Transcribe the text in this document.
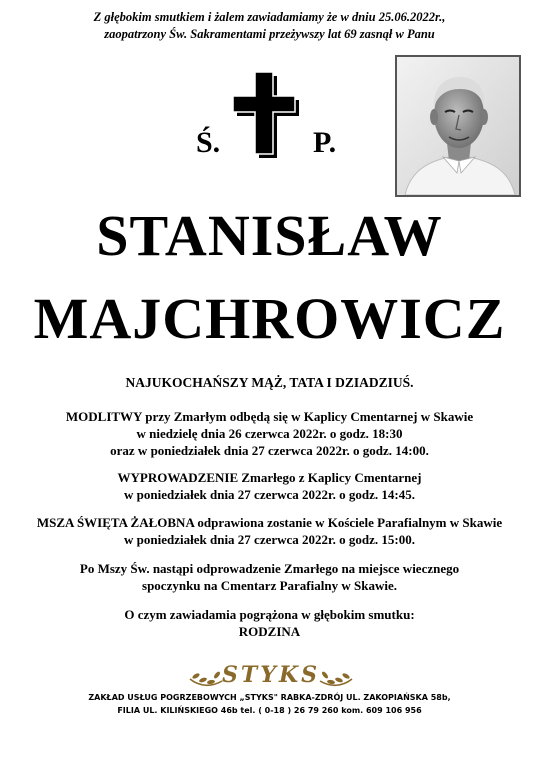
Z głębokim smutkiem i żalem zawiadamiamy że w dniu 25.06.2022r.,
zaopatrzony Św. Sakramentami przeżywszy lat 69 zasnął w Panu
Ś.	P.
STANISŁAW
MAJCHROWICZ
NAJUKOCHAŃSZY MĄŻ, TATA I DZIADZIUŚ.
MODLITWY przy Zmarłym odbędą się w Kaplicy Cmentarnej w Skawie
w niedzielę dnia 26 czerwca 2022r. o godz. 18:30
oraz w poniedziałek dnia 27 czerwca 2022r. o godz. 14:00.
WYPROWADZENIE Zmarłego z Kaplicy Cmentarnej
w poniedziałek dnia 27 czerwca 2022r. o godz. 14:45.
MSZA ŚWIĘTA ŻAŁOBNA odprawiona zostanie w Kościele Parafialnym w Skawie
w poniedziałek dnia 27 czerwca 2022r. o godz. 15:00.
Po Mszy Św. nastąpi odprowadzenie Zmarłego na miejsce wiecznego
spoczynku na Cmentarz Parafialny w Skawie.
O czym zawiadamia pogrążona w głębokim smutku:
RODZINA
STYKS
ZAKŁAD USŁUG POGRZEBOWYCH „STYKS" RABKA-ZDRÓJ UL. ZAKOPIAŃSKA 58b,
FILIA UL. KILIŃSKIEGO 46b tel. ( 0-18 ) 26 79 260 kom. 609 106 956
